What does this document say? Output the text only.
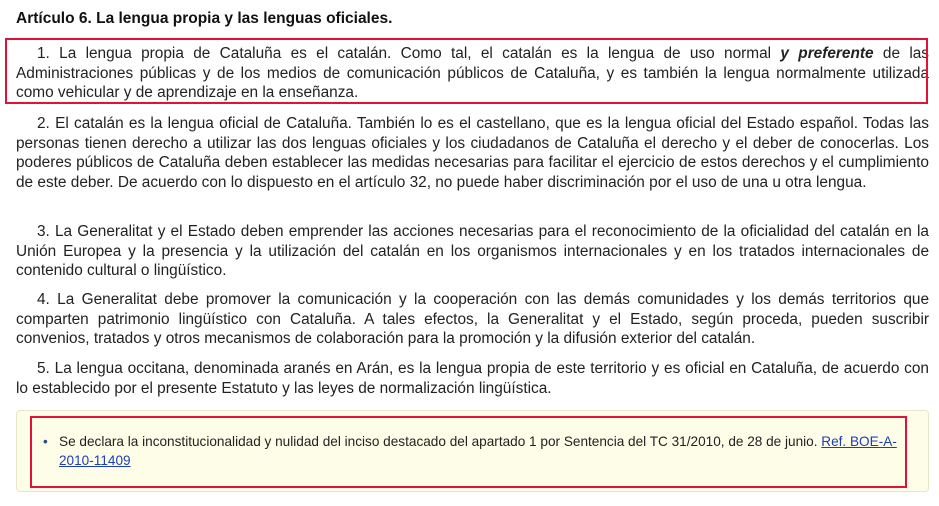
Artículo 6. La lengua propia y las lenguas oficiales.

1. La lengua propia de Cataluña es el catalán. Como tal, el catalán es la lengua de uso normal y preferente de las Administraciones públicas y de los medios de comunicación públicos de Cataluña, y es también la lengua normalmente utilizada como vehicular y de aprendizaje en la enseñanza.

2. El catalán es la lengua oficial de Cataluña. También lo es el castellano, que es la lengua oficial del Estado español. Todas las personas tienen derecho a utilizar las dos lenguas oficiales y los ciudadanos de Cataluña el derecho y el deber de conocerlas. Los poderes públicos de Cataluña deben establecer las medidas necesarias para facilitar el ejercicio de estos derechos y el cumplimiento de este deber. De acuerdo con lo dispuesto en el artículo 32, no puede haber discriminación por el uso de una u otra lengua.

3. La Generalitat y el Estado deben emprender las acciones necesarias para el reconocimiento de la oficialidad del catalán en la Unión Europea y la presencia y la utilización del catalán en los organismos internacionales y en los tratados internacionales de contenido cultural o lingüístico.

4. La Generalitat debe promover la comunicación y la cooperación con las demás comunidades y los demás territorios que comparten patrimonio lingüístico con Cataluña. A tales efectos, la Generalitat y el Estado, según proceda, pueden suscribir convenios, tratados y otros mecanismos de colaboración para la promoción y la difusión exterior del catalán.

5. La lengua occitana, denominada aranés en Arán, es la lengua propia de este territorio y es oficial en Cataluña, de acuerdo con lo establecido por el presente Estatuto y las leyes de normalización lingüística.

• Se declara la inconstitucionalidad y nulidad del inciso destacado del apartado 1 por Sentencia del TC 31/2010, de 28 de junio. Ref. BOE-A-2010-11409
